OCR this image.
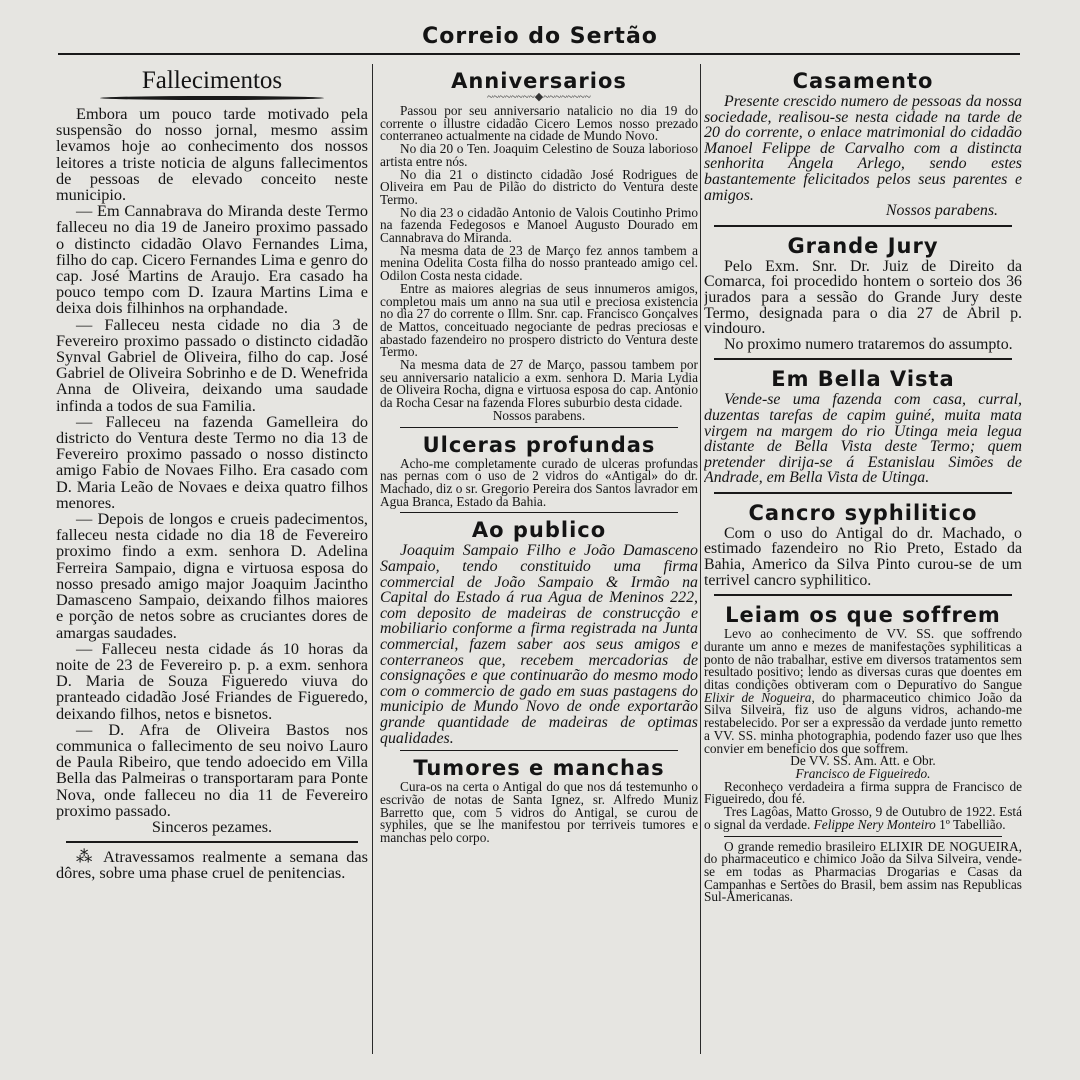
Correio do Sertão
Fallecimentos

Embora um pouco tarde motivado pela suspensão do nosso jornal, mesmo assim levamos hoje ao conhecimento dos nossos leitores a triste noticia de alguns fallecimentos de pessoas de elevado conceito neste municipio.

— Em Cannabrava do Miranda deste Termo falleceu no dia 19 de Janeiro proximo passado o distincto cidadão Olavo Fernandes Lima, filho do cap. Cicero Fernandes Lima e genro do cap. José Martins de Araujo. Era casado ha pouco tempo com D. Izaura Martins Lima e deixa dois filhinhos na orphandade.

— Falleceu nesta cidade no dia 3 de Fevereiro proximo passado o distincto cidadão Synval Gabriel de Oliveira, filho do cap. José Gabriel de Oliveira Sobrinho e de D. Wenefrida Anna de Oliveira, deixando uma saudade infinda a todos de sua Familia.

— Falleceu na fazenda Gamelleira do districto do Ventura deste Termo no dia 13 de Fevereiro proximo passado o nosso distincto amigo Fabio de Novaes Filho. Era casado com D. Maria Leão de Novaes e deixa quatro filhos menores.

— Depois de longos e crueis padecimentos, falleceu nesta cidade no dia 18 de Fevereiro proximo findo a exm. senhora D. Adelina Ferreira Sampaio, digna e virtuosa esposa do nosso presado amigo major Joaquim Jacintho Damasceno Sampaio, deixando filhos maiores e porção de netos sobre as cruciantes dores de amargas saudades.

— Falleceu nesta cidade ás 10 horas da noite de 23 de Fevereiro p. p. a exm. senhora D. Maria de Souza Figueredo viuva do pranteado cidadão José Friandes de Figueredo, deixando filhos, netos e bisnetos.

— D. Afra de Oliveira Bastos nos communica o fallecimento de seu noivo Lauro de Paula Ribeiro, que tendo adoecido em Villa Bella das Palmeiras o transportaram para Ponte Nova, onde falleceu no dia 11 de Fevereiro proximo passado.

Sinceros pezames.

⁂ Atravessamos realmente a semana das dôres, sobre uma phase cruel de penitencias.

Anniversarios
~~~~~~~~◆~~~~~~~~

Passou por seu anniversario natalicio no dia 19 do corrente o illustre cidadão Cicero Lemos nosso prezado conterraneo actualmente na cidade de Mundo Novo.

No dia 20 o Ten. Joaquim Celestino de Souza laborioso artista entre nós.

No dia 21 o distincto cidadão José Rodrigues de Oliveira em Pau de Pilão do districto do Ventura deste Termo.

No dia 23 o cidadão Antonio de Valois Coutinho Primo na fazenda Fedegosos e Manoel Augusto Dourado em Cannabrava do Miranda.

Na mesma data de 23 de Março fez annos tambem a menina Odelita Costa filha do nosso pranteado amigo cel. Odilon Costa nesta cidade.

Entre as maiores alegrias de seus innumeros amigos, completou mais um anno na sua util e preciosa existencia no dia 27 do corrente o Illm. Snr. cap. Francisco Gonçalves de Mattos, conceituado negociante de pedras preciosas e abastado fazendeiro no prospero districto do Ventura deste Termo.

Na mesma data de 27 de Março, passou tambem por seu anniversario natalicio a exm. senhora D. Maria Lydia de Oliveira Rocha, digna e virtuosa esposa do cap. Antonio da Rocha Cesar na fazenda Flores suburbio desta cidade.

Nossos parabens.

Ulceras profundas

Acho-me completamente curado de ulceras profundas nas pernas com o uso de 2 vidros do «Antigal» do dr. Machado, diz o sr. Gregorio Pereira dos Santos lavrador em Agua Branca, Estado da Bahia.

Ao publico

Joaquim Sampaio Filho e João Damasceno Sampaio, tendo constituido uma firma commercial de João Sampaio & Irmão na Capital do Estado á rua Agua de Meninos 222, com deposito de madeiras de construcção e mobiliario conforme a firma registrada na Junta commercial, fazem saber aos seus amigos e conterraneos que, recebem mercadorias de consignações e que continuarão do mesmo modo com o commercio de gado em suas pastagens do municipio de Mundo Novo de onde exportarão grande quantidade de madeiras de optimas qualidades.

Tumores e manchas

Cura-os na certa o Antigal do que nos dá testemunho o escrivão de notas de Santa Ignez, sr. Alfredo Muniz Barretto que, com 5 vidros do Antigal, se curou de syphiles, que se lhe manifestou por terriveis tumores e manchas pelo corpo.

Casamento

Presente crescido numero de pessoas da nossa sociedade, realisou-se nesta cidade na tarde de 20 do corrente, o enlace matrimonial do cidadão Manoel Felippe de Carvalho com a distincta senhorita Angela Arlego, sendo estes bastantemente felicitados pelos seus parentes e amigos.

Nossos parabens.

Grande Jury

Pelo Exm. Snr. Dr. Juiz de Direito da Comarca, foi procedido hontem o sorteio dos 36 jurados para a sessão do Grande Jury deste Termo, designada para o dia 27 de Abril p. vindouro.

No proximo numero trataremos do assumpto.

Em Bella Vista

Vende-se uma fazenda com casa, curral, duzentas tarefas de capim guiné, muita mata virgem na margem do rio Utinga meia legua distante de Bella Vista deste Termo; quem pretender dirija-se á Estanislau Simões de Andrade, em Bella Vista de Utinga.

Cancro syphilitico

Com o uso do Antigal do dr. Machado, o estimado fazendeiro no Rio Preto, Estado da Bahia, Americo da Silva Pinto curou-se de um terrivel cancro syphilitico.

Leiam os que soffrem

Levo ao conhecimento de VV. SS. que soffrendo durante um anno e mezes de manifestações syphiliticas a ponto de não trabalhar, estive em diversos tratamentos sem resultado positivo; lendo as diversas curas que doentes em ditas condições obtiveram com o Depurativo do Sangue Elixir de Nogueira, do pharmaceutico chimico João da Silva Silveira, fiz uso de alguns vidros, achando-me restabelecido. Por ser a expressão da verdade junto remetto a VV. SS. minha photographia, podendo fazer uso que lhes convier em beneficio dos que soffrem.

De VV. SS. Am. Att. e Obr.

Francisco de Figueiredo.

Reconheço verdadeira a firma suppra de Francisco de Figueiredo, dou fé.

Tres Lagôas, Matto Grosso, 9 de Outubro de 1922. Está o signal da verdade. Felippe Nery Monteiro 1º Tabellião.

O grande remedio brasileiro ELIXIR DE NOGUEIRA, do pharmaceutico e chimico João da Silva Silveira, vende-se em todas as Pharmacias Drogarias e Casas da Campanhas e Sertões do Brasil, bem assim nas Republicas Sul-Americanas.
